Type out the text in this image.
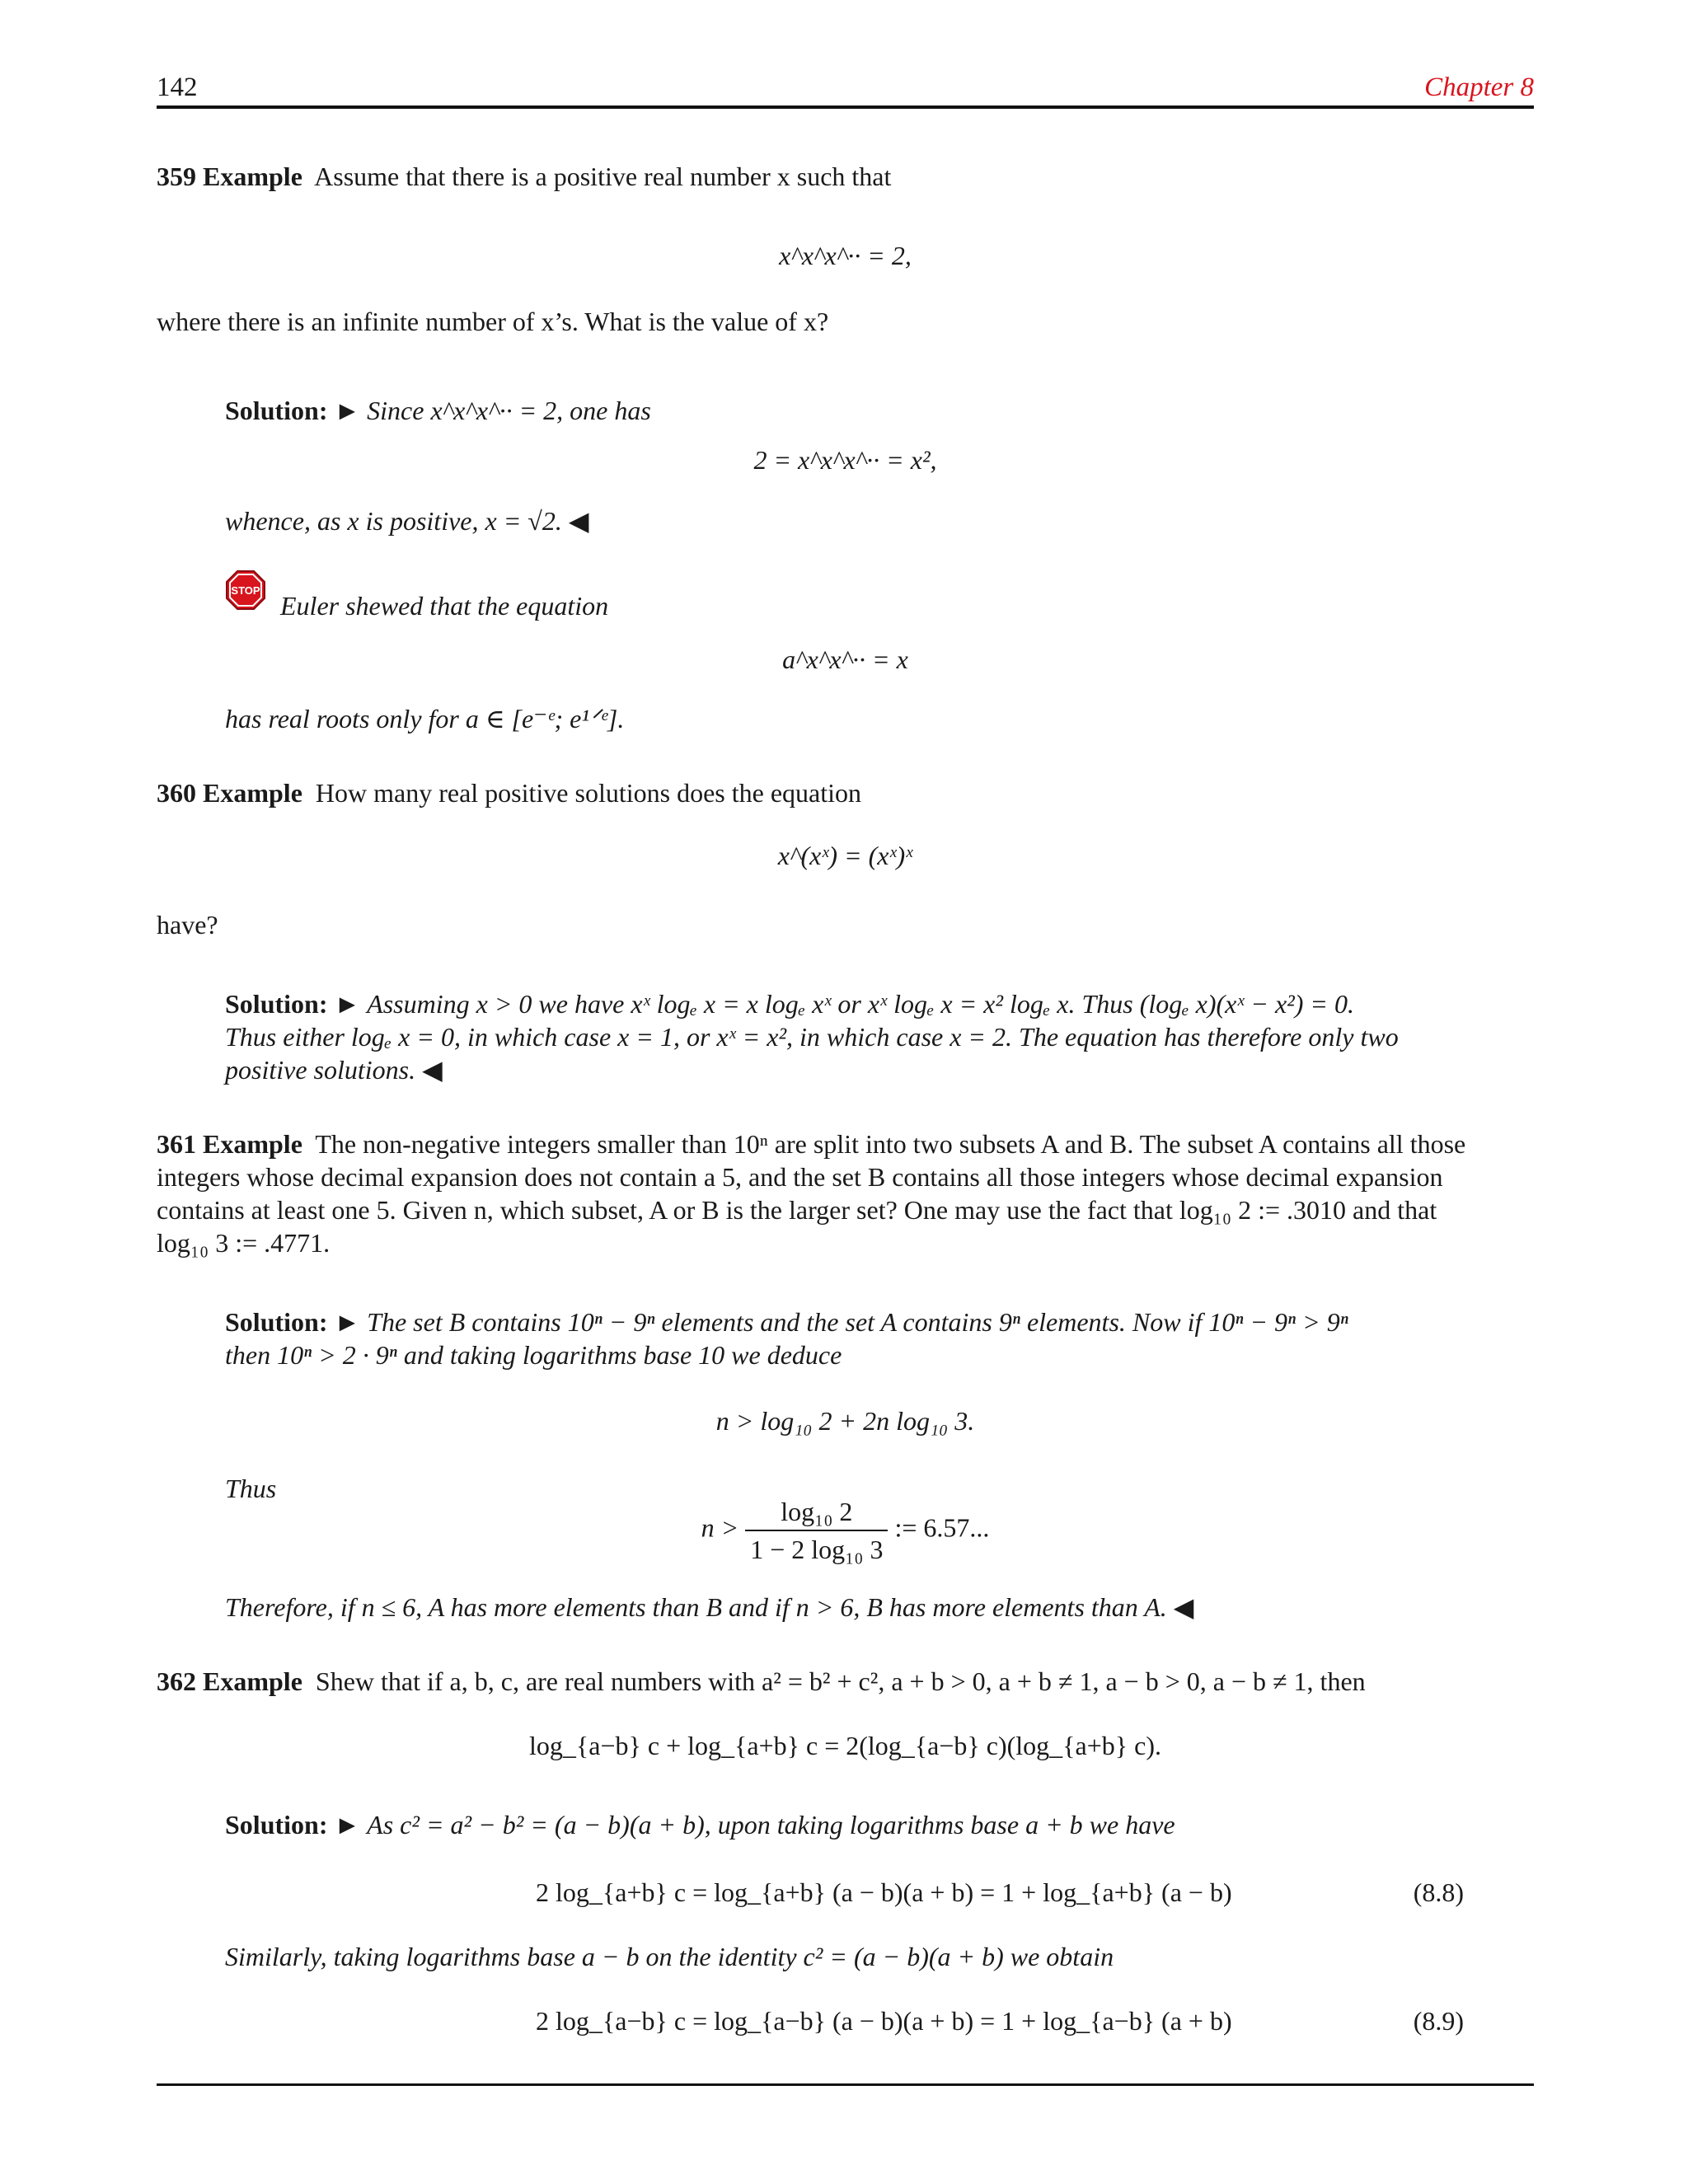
142	Chapter 8
359 Example Assume that there is a positive real number x such that
x^x^x^·· = 2,
where there is an infinite number of x’s. What is the value of x?
Solution: ► Since x^x^x^·· = 2, one has
2 = x^x^x^·· = x²,
whence, as x is positive, x = √2. ◀
STOP
Euler shewed that the equation
a^x^x^·· = x
has real roots only for a ∈ [e⁻ᵉ; e¹ᐟᵉ].
360 Example How many real positive solutions does the equation
x^(xˣ) = (xˣ)ˣ
have?
Solution: ► Assuming x > 0 we have xˣ logₑ x = x logₑ xˣ or xˣ logₑ x = x² logₑ x. Thus (logₑ x)(xˣ − x²) = 0.
Thus either logₑ x = 0, in which case x = 1, or xˣ = x², in which case x = 2. The equation has therefore only two
positive solutions. ◀
361 Example The non-negative integers smaller than 10ⁿ are split into two subsets A and B. The subset A contains all those
integers whose decimal expansion does not contain a 5, and the set B contains all those integers whose decimal expansion
contains at least one 5. Given n, which subset, A or B is the larger set? One may use the fact that log₁₀ 2 := .3010 and that
log₁₀ 3 := .4771.
Solution: ► The set B contains 10ⁿ − 9ⁿ elements and the set A contains 9ⁿ elements. Now if 10ⁿ − 9ⁿ > 9ⁿ
then 10ⁿ > 2 · 9ⁿ and taking logarithms base 10 we deduce
n > log₁₀ 2 + 2n log₁₀ 3.
Thus
$n > \frac{\text{log₁₀ 2}}{\text{1 − 2 log₁₀ 3}}$ := 6.57...
Therefore, if n ≤ 6, A has more elements than B and if n > 6, B has more elements than A. ◀
362 Example Shew that if a, b, c, are real numbers with a² = b² + c², a + b > 0, a + b ≠ 1, a − b > 0, a − b ≠ 1, then
log_{a−b} c + log_{a+b} c = 2(log_{a−b} c)(log_{a+b} c).
Solution: ► As c² = a² − b² = (a − b)(a + b), upon taking logarithms base a + b we have
2 log_{a+b} c = log_{a+b} (a − b)(a + b) = 1 + log_{a+b} (a − b)	(8.8)
Similarly, taking logarithms base a − b on the identity c² = (a − b)(a + b) we obtain
2 log_{a−b} c = log_{a−b} (a − b)(a + b) = 1 + log_{a−b} (a + b)	(8.9)
